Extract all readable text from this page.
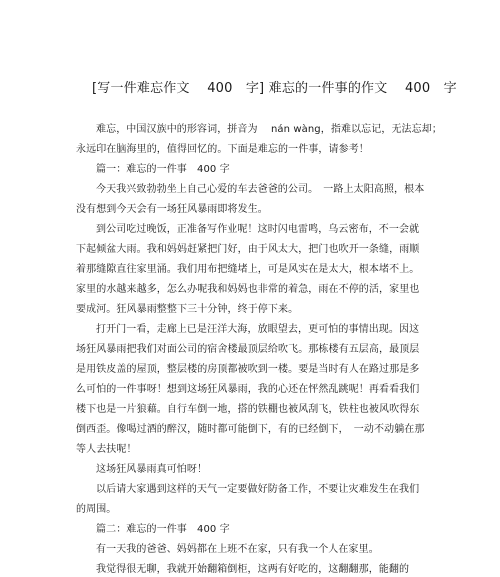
[写一件难忘作文　 400　字] 难忘的一件事的作文　 400　字
难忘，中国汉族中的形容词，拼音为　 nán wàng，指难以忘记，无法忘却；
永远印在脑海里的，值得回忆的。下面是难忘的一件事，请参考！
篇一：难忘的一件事　400 字
今天我兴致勃勃坐上自己心爱的车去爸爸的公司。　一路上太阳高照，根本
没有想到今天会有一场狂风暴雨即将发生。
到公司吃过晚饭，正准备写作业呢！这时闪电雷鸣，乌云密布，不一会就
下起倾盆大雨。我和妈妈赶紧把门好，由于风太大，把门也吹开一条缝，雨顺
着那缝隙直往家里涌。我们用布把缝堵上，可是风实在是太大，根本堵不上。
家里的水越来越多，怎么办呢我和妈妈也非常的着急，雨在不停的活，家里也
要成河。狂风暴雨整整下三十分钟，终于停下来。
打开门一看，走廊上已是汪洋大海，放眼望去，更可怕的事情出现。因这
场狂风暴雨把我们对面公司的宿舍楼最顶层给吹飞。那栋楼有五层高，最顶层
是用铁皮盖的屋顶，整层楼的房顶都被吹到一楼。要是当时有人在路过那是多
么可怕的一件事呀！想到这场狂风暴雨，我的心还在怦然乱跳呢！再看看我们
楼下也是一片狼藉。自行车倒一地，搭的铁棚也被风刮飞，铁柱也被风吹得东
倒西歪。像喝过酒的醉汉，随时都可能倒下，有的已经倒下，　一动不动躺在那
等人去扶呢！
这场狂风暴雨真可怕呀！
以后请大家遇到这样的天气一定要做好防备工作，不要让灾难发生在我们
的周围。
篇二：难忘的一件事　400 字
有一天我的爸爸、妈妈都在上班不在家，只有我一个人在家里。
我觉得很无聊，我就开始翻箱倒柜，这两有好吃的，这翻翻那，能翻的
